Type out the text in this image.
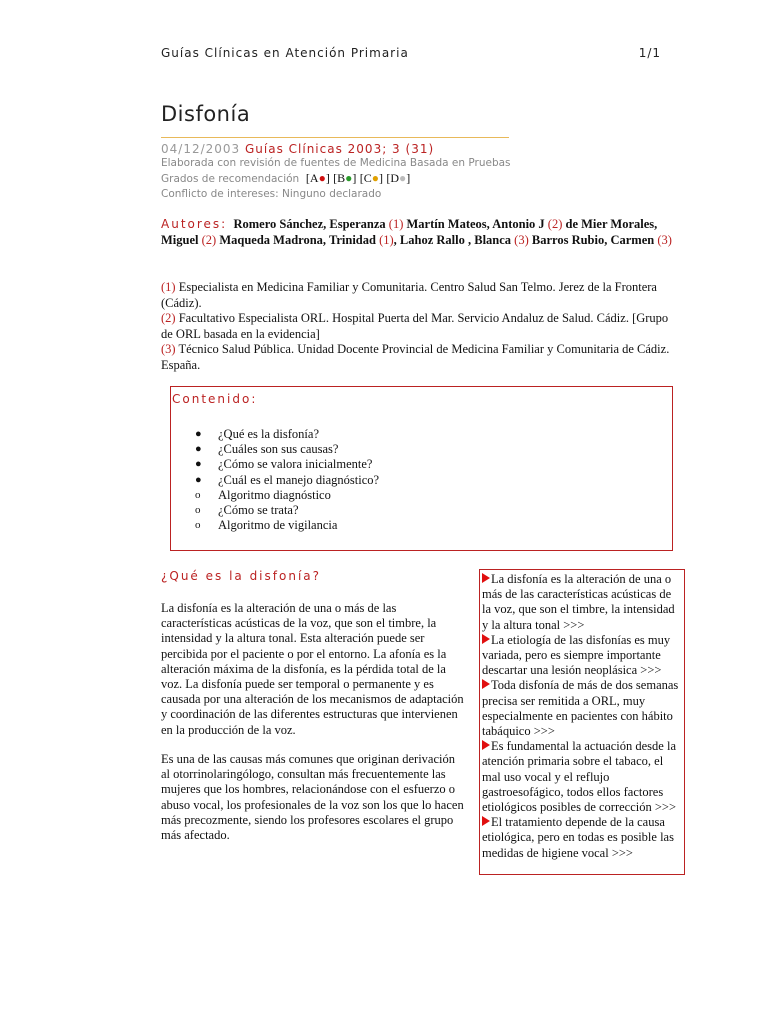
Guías Clínicas en Atención Primaria	1/1
Disfonía
04/12/2003 Guías Clínicas 2003; 3 (31)
Elaborada con revisión de fuentes de Medicina Basada en Pruebas
Grados de recomendación [A●] [B●] [C●] [D●]
Conflicto de intereses: Ninguno declarado
Autores: Romero Sánchez, Esperanza (1) Martín Mateos, Antonio J (2) de Mier Morales, Miguel (2) Maqueda Madrona, Trinidad (1), Lahoz Rallo , Blanca (3) Barros Rubio, Carmen (3)
(1) Especialista en Medicina Familiar y Comunitaria. Centro Salud San Telmo. Jerez de la Frontera (Cádiz).
(2) Facultativo Especialista ORL. Hospital Puerta del Mar. Servicio Andaluz de Salud. Cádiz. [Grupo de ORL basada en la evidencia]
(3) Técnico Salud Pública. Unidad Docente Provincial de Medicina Familiar y Comunitaria de Cádiz. España.
Contenido:
● ¿Qué es la disfonía?
● ¿Cuáles son sus causas?
● ¿Cómo se valora inicialmente?
● ¿Cuál es el manejo diagnóstico?
o Algoritmo diagnóstico
o ¿Cómo se trata?
o Algoritmo de vigilancia
¿Qué es la disfonía?
La disfonía es la alteración de una o más de las características acústicas de la voz, que son el timbre, la intensidad y la altura tonal. Esta alteración puede ser percibida por el paciente o por el entorno. La afonía es la alteración máxima de la disfonía, es la pérdida total de la voz. La disfonía puede ser temporal o permanente y es causada por una alteración de los mecanismos de adaptación y coordinación de las diferentes estructuras que intervienen en la producción de la voz.
Es una de las causas más comunes que originan derivación al otorrinolaringólogo, consultan más frecuentemente las mujeres que los hombres, relacionándose con el esfuerzo o abuso vocal, los profesionales de la voz son los que lo hacen más precozmente, siendo los profesores escolares el grupo más afectado.
La disfonía es la alteración de una o más de las características acústicas de la voz, que son el timbre, la intensidad y la altura tonal >>>
La etiología de las disfonías es muy variada, pero es siempre importante descartar una lesión neoplásica >>>
Toda disfonía de más de dos semanas precisa ser remitida a ORL, muy especialmente en pacientes con hábito tabáquico >>>
Es fundamental la actuación desde la atención primaria sobre el tabaco, el mal uso vocal y el reflujo gastroesofágico, todos ellos factores etiológicos posibles de corrección >>>
El tratamiento depende de la causa etiológica, pero en todas es posible las medidas de higiene vocal >>>
